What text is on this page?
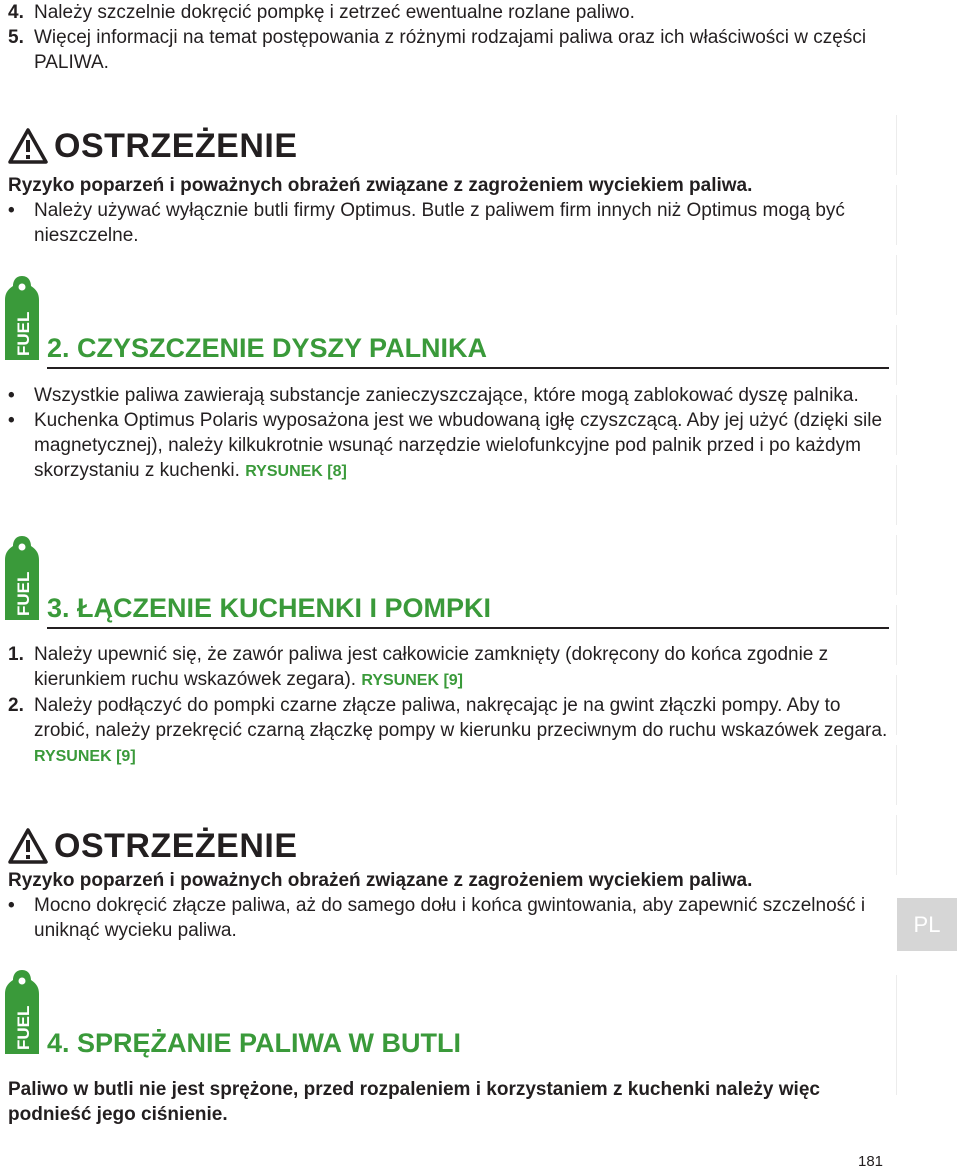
4. Należy szczelnie dokręcić pompkę i zetrzeć ewentualne rozlane paliwo.
5. Więcej informacji na temat postępowania z różnymi rodzajami paliwa oraz ich właściwości w części PALIWA.
OSTRZEŻENIE
Ryzyko poparzeń i poważnych obrażeń związane z zagrożeniem wyciekiem paliwa.
• Należy używać wyłącznie butli firmy Optimus. Butle z paliwem firm innych niż Optimus mogą być nieszczelne.
FUEL 2. CZYSZCZENIE DYSZY PALNIKA
• Wszystkie paliwa zawierają substancje zanieczyszczające, które mogą zablokować dyszę palnika.
• Kuchenka Optimus Polaris wyposażona jest we wbudowaną igłę czyszczącą. Aby jej użyć (dzięki sile magnetycznej), należy kilkukrotnie wsunąć narzędzie wielofunkcyjne pod palnik przed i po każdym skorzystaniu z kuchenki. RYSUNEK [8]
FUEL 3. ŁĄCZENIE KUCHENKI I POMPKI
1. Należy upewnić się, że zawór paliwa jest całkowicie zamknięty (dokręcony do końca zgodnie z kierunkiem ruchu wskazówek zegara). RYSUNEK [9]
2. Należy podłączyć do pompki czarne złącze paliwa, nakręcając je na gwint złączki pompy. Aby to zrobić, należy przekręcić czarną złączkę pompy w kierunku przeciwnym do ruchu wskazówek zegara. RYSUNEK [9]
OSTRZEŻENIE
Ryzyko poparzeń i poważnych obrażeń związane z zagrożeniem wyciekiem paliwa.
• Mocno dokręcić złącze paliwa, aż do samego dołu i końca gwintowania, aby zapewnić szczelność i uniknąć wycieku paliwa.
FUEL 4. SPRĘŻANIE PALIWA W BUTLI
Paliwo w butli nie jest sprężone, przed rozpaleniem i korzystaniem z kuchenki należy więc podnieść jego ciśnienie.
PL
181
